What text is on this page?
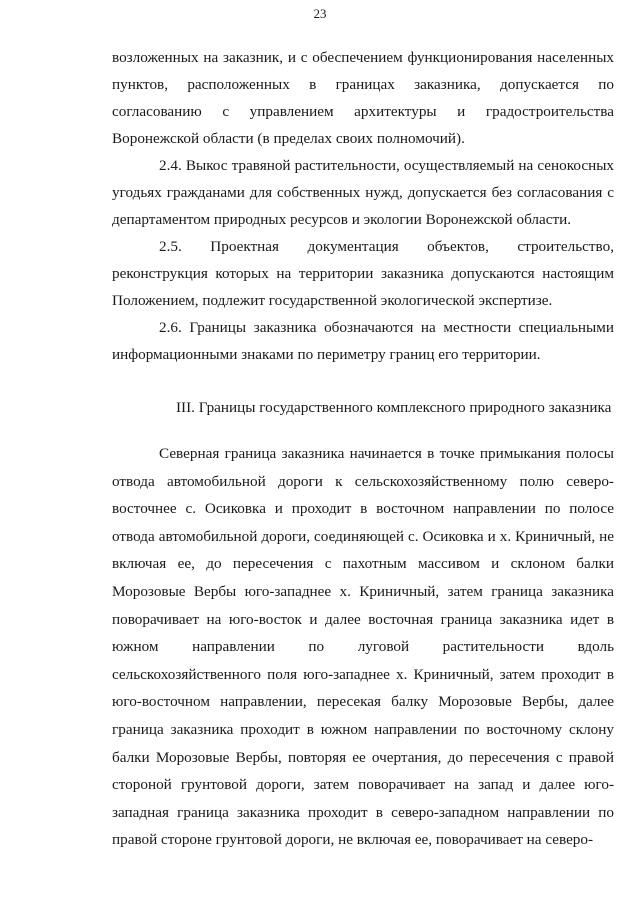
23

возложенных на заказник, и с обеспечением функционирования населенных пунктов, расположенных в границах заказника, допускается по согласованию с управлением архитектуры и градостроительства Воронежской области (в пределах своих полномочий).

2.4. Выкос травяной растительности, осуществляемый на сенокосных угодьях гражданами для собственных нужд, допускается без согласования с департаментом природных ресурсов и экологии Воронежской области.

2.5. Проектная документация объектов, строительство, реконструкция которых на территории заказника допускаются настоящим Положением, подлежит государственной экологической экспертизе.

2.6. Границы заказника обозначаются на местности специальными информационными знаками по периметру границ его территории.

III. Границы государственного комплексного природного заказника

Северная граница заказника начинается в точке примыкания полосы отвода автомобильной дороги к сельскохозяйственному полю северо-восточнее с. Осиковка и проходит в восточном направлении по полосе отвода автомобильной дороги, соединяющей с. Осиковка и х. Криничный, не включая ее, до пересечения с пахотным массивом и склоном балки Морозовые Вербы юго-западнее х. Криничный, затем граница заказника поворачивает на юго-восток и далее восточная граница заказника идет в южном направлении по луговой растительности вдоль сельскохозяйственного поля юго-западнее х. Криничный, затем проходит в юго-восточном направлении, пересекая балку Морозовые Вербы, далее граница заказника проходит в южном направлении по восточному склону балки Морозовые Вербы, повторяя ее очертания, до пересечения с правой стороной грунтовой дороги, затем поворачивает на запад и далее юго-западная граница заказника проходит в северо-западном направлении по правой стороне грунтовой дороги, не включая ее, поворачивает на северо-
